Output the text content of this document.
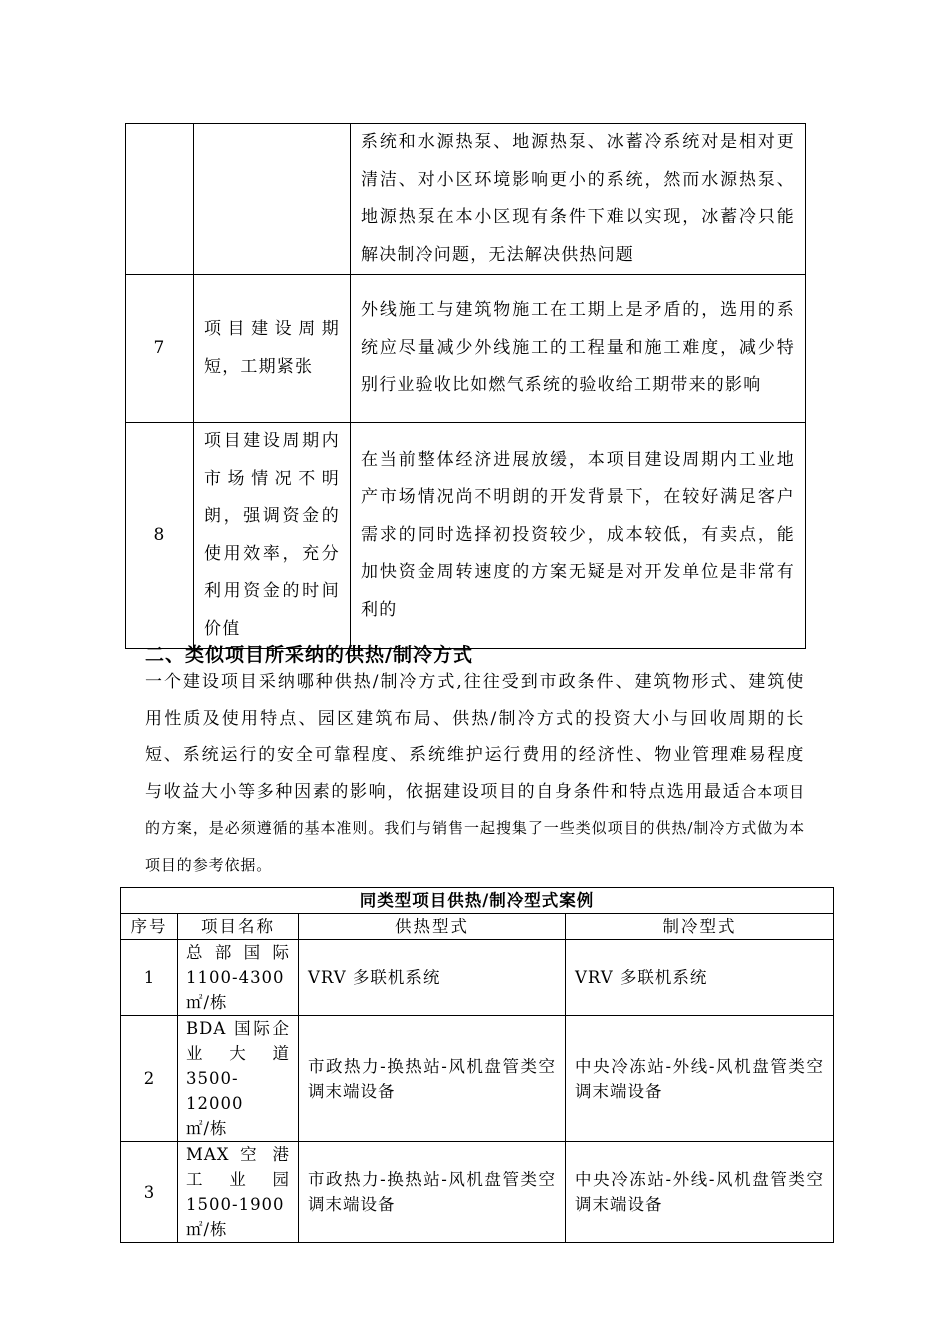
		系统和水源热泵、地源热泵、冰蓄冷系统对是相对更清洁、对小区环境影响更小的系统，然而水源热泵、地源热泵在本小区现有条件下难以实现，冰蓄冷只能解决制冷问题，无法解决供热问题
7	项目建设周期短，工期紧张	外线施工与建筑物施工在工期上是矛盾的，选用的系统应尽量减少外线施工的工程量和施工难度，减少特别行业验收比如燃气系统的验收给工期带来的影响
8	项目建设周期内市场情况不明朗，强调资金的使用效率，充分利用资金的时间价值	在当前整体经济进展放缓，本项目建设周期内工业地产市场情况尚不明朗的开发背景下，在较好满足客户需求的同时选择初投资较少，成本较低，有卖点，能加快资金周转速度的方案无疑是对开发单位是非常有利的
二、类似项目所采纳的供热/制冷方式

一个建设项目采纳哪种供热/制冷方式,往往受到市政条件、建筑物形式、建筑使用性质及使用特点、园区建筑布局、供热/制冷方式的投资大小与回收周期的长短、系统运行的安全可靠程度、系统维护运行费用的经济性、物业管理难易程度与收益大小等多种因素的影响，依据建设项目的自身条件和特点选用最适合本项目的方案，是必须遵循的基本准则。我们与销售一起搜集了一些类似项目的供热/制冷方式做为本项目的参考依据。

同类型项目供热/制冷型式案例			
序号	项目名称	供热型式	制冷型式
1	总 部 国 际
1100-4300
㎡/栋	VRV 多联机系统	VRV 多联机系统
2	BDA 国际企
业　大　道
3500-12000
㎡/栋	市政热力-换热站-风机盘管类空调末端设备	中央冷冻站-外线-风机盘管类空调末端设备
3	MAX 空 港
工　业　园
1500-1900
㎡/栋	市政热力-换热站-风机盘管类空调末端设备	中央冷冻站-外线-风机盘管类空调末端设备
